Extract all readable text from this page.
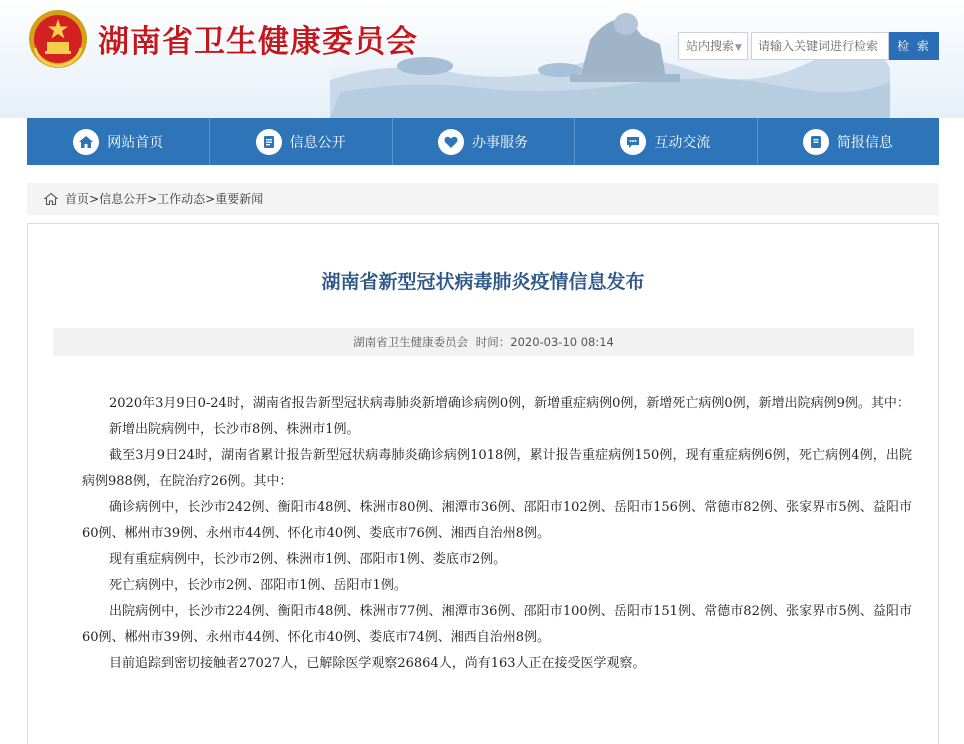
湖南省卫生健康委员会	站内搜索▼
请输入关键词进行检索	检 索
网站首页	信息公开	办事服务	互动交流	简报信息
首页>信息公开>工作动态>重要新闻
湖南省新型冠状病毒肺炎疫情信息发布
湖南省卫生健康委员会 时间：2020-03-10 08:14

2020年3月9日0-24时，湖南省报告新型冠状病毒肺炎新增确诊病例0例，新增重症病例0例，新增死亡病例0例，新增出院病例9例。其中：

新增出院病例中，长沙市8例、株洲市1例。

截至3月9日24时，湖南省累计报告新型冠状病毒肺炎确诊病例1018例，累计报告重症病例150例，现有重症病例6例，死亡病例4例，出院病例988例，在院治疗26例。其中：

确诊病例中，长沙市242例、衡阳市48例、株洲市80例、湘潭市36例、邵阳市102例、岳阳市156例、常德市82例、张家界市5例、益阳市60例、郴州市39例、永州市44例、怀化市40例、娄底市76例、湘西自治州8例。

现有重症病例中，长沙市2例、株洲市1例、邵阳市1例、娄底市2例。

死亡病例中，长沙市2例、邵阳市1例、岳阳市1例。

出院病例中，长沙市224例、衡阳市48例、株洲市77例、湘潭市36例、邵阳市100例、岳阳市151例、常德市82例、张家界市5例、益阳市60例、郴州市39例、永州市44例、怀化市40例、娄底市74例、湘西自治州8例。

目前追踪到密切接触者27027人，已解除医学观察26864人，尚有163人正在接受医学观察。
